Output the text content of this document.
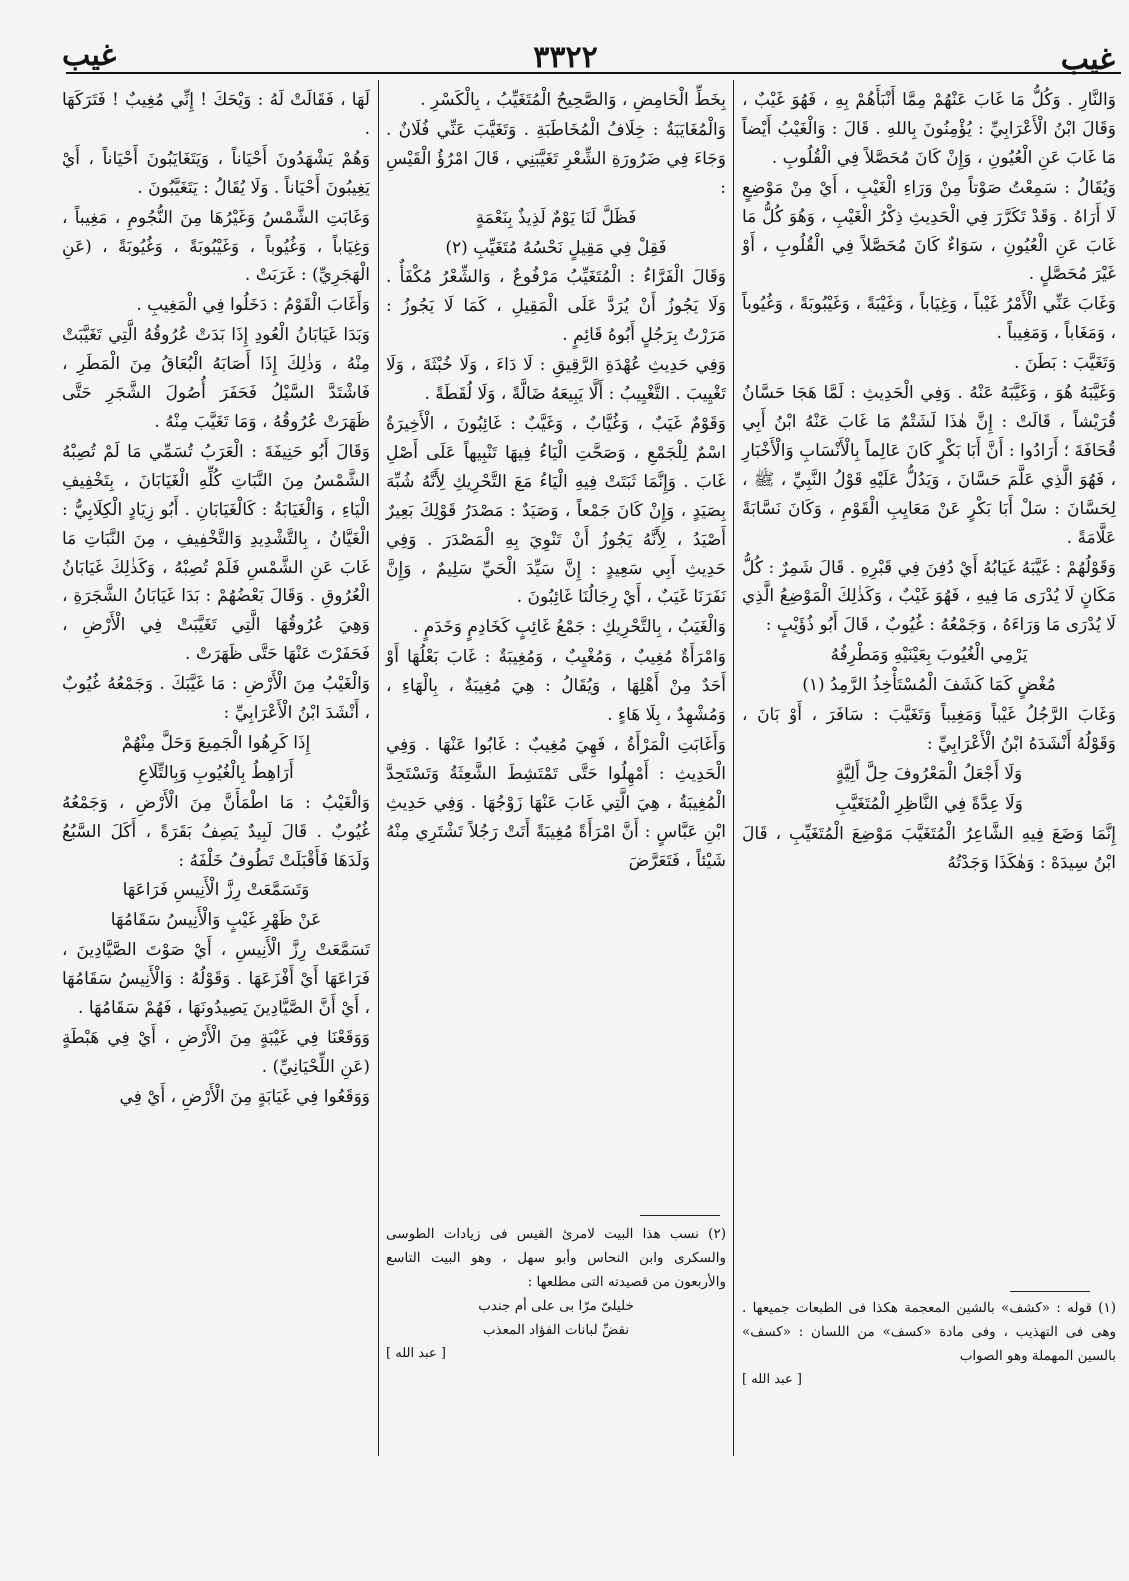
غيب	٣٣٢٢	غيب

وَالنَّارِ . وَكُلُّ مَا غَابَ عَنْهُمْ مِمَّا أَنْبَأَهُمْ بِهِ ، فَهُوَ غَيْبٌ ، وَقَالَ ابْنُ الْأَعْرَابِيِّ : يُؤْمِنُونَ بِاللهِ . قَالَ : وَالْغَيْبُ أَيْضاً مَا غَابَ عَنِ الْعُيُونِ ، وَإِنْ كَانَ مُحَصَّلاً فِي الْقُلُوبِ .

وَيُقَالُ : سَمِعْتُ صَوْتاً مِنْ وَرَاءِ الْغَيْبِ ، أَيْ مِنْ مَوْضِعٍ لَا أَرَاهُ . وَقَدْ تَكَرَّرَ فِي الْحَدِيثِ ذِكْرُ الْغَيْبِ ، وَهُوَ كُلُّ مَا غَابَ عَنِ الْعُيُونِ ، سَوَاءٌ كَانَ مُحَصَّلاً فِي الْقُلُوبِ ، أَوْ غَيْرَ مُحَصَّلٍ .

وَغَابَ عَنِّي الْأَمْرُ غَيْباً ، وَغِيَاباً ، وَغَيْبَةً ، وَغَيْبُوبَةً ، وَغُيُوباً ، وَمَغَاباً ، وَمَغِيباً .

وَتَغَيَّبَ : بَطَنَ .

وَغَيَّبَهُ هُوَ ، وَغَيَّبَهُ عَنْهُ . وَفِي الْحَدِيثِ : لَمَّا هَجَا حَسَّانُ قُرَيْشاً ، قَالَتْ : إِنَّ هٰذَا لَشَتْمٌ مَا غَابَ عَنْهُ ابْنُ أَبِي قُحَافَةَ ؛ أَرَادُوا : أَنَّ أَبَا بَكْرٍ كَانَ عَالِماً بِالْأَنْسَابِ وَالْأَخْبَارِ ، فَهُوَ الَّذِي عَلَّمَ حَسَّانَ ، وَيَدُلُّ عَلَيْهِ قَوْلُ النَّبِيِّ ، ﷺ ، لِحَسَّانَ : سَلْ أَبَا بَكْرٍ عَنْ مَعَايِبِ الْقَوْمِ ، وَكَانَ نَسَّابَةً عَلَّامَةً .

وَقَوْلُهُمْ : غَيَّبَهُ غَيَابُهُ أَيْ دُفِنَ فِي قَبْرِهِ . قَالَ شَمِرٌ : كُلُّ مَكَانٍ لَا يُدْرَى مَا فِيهِ ، فَهُوَ غَيْبٌ ، وَكَذٰلِكَ الْمَوْضِعُ الَّذِي لَا يُدْرَى مَا وَرَاءَهُ ، وَجَمْعُهُ : غُيُوبٌ ، قَالَ أَبُو ذُؤَيْبٍ :

يَرْمِي الْغُيُوبَ بِعَيْنَيْهِ وَمَطْرِفُهُ

مُغْضٍ كَمَا كَشَفَ الْمُسْتَأْخِذُ الرَّمِدُ (١)

وَغَابَ الرَّجُلُ غَيْباً وَمَغِيباً وَتَغَيَّبَ : سَافَرَ ، أَوْ بَانَ ، وَقَوْلُهُ أَنْشَدَهُ ابْنُ الْأَعْرَابِيِّ :

وَلَا أَجْعَلُ الْمَعْرُوفَ حِلَّ أَلِيَّةٍ

وَلَا عِدَّةً فِي النَّاظِرِ الْمُتَغَيَّبِ

إِنَّمَا وَضَعَ فِيهِ الشَّاعِرُ الْمُتَغَيَّبَ مَوْضِعَ الْمُتَغَيِّبِ ، قَالَ ابْنُ سِيدَهْ : وَهٰكَذَا وَجَدْتُهُ

بِخَطِّ الْحَامِضِ ، وَالصَّحِيحُ الْمُتَغَيِّبُ ، بِالْكَسْرِ .

وَالْمُغَايَبَةُ : خِلَافُ الْمُخَاطَبَةِ . وَتَغَيَّبَ عَنِّي فُلَانٌ . وَجَاءَ فِي ضَرُورَةِ الشِّعْرِ تَغَيَّبَنِي ، قَالَ امْرُؤُ الْقَيْسِ :

فَظَلَّ لَنَا يَوْمٌ لَذِيذٌ بِنَعْمَةٍ

فَقِلْ فِي مَقِيلٍ نَحْسُهُ مُتَغَيِّبِ (٢)

وَقَالَ الْفَرَّاءُ : الْمُتَغَيِّبُ مَرْفُوعٌ ، وَالشِّعْرُ مُكْفَأٌ . وَلَا يَجُوزُ أَنْ يُرَدَّ عَلَى الْمَقِيلِ ، كَمَا لَا يَجُوزُ : مَرَرْتُ بِرَجُلٍ أَبُوهُ قَائِمٍ .

وَفِي حَدِيثِ عُهْدَةِ الرَّقِيقِ : لَا دَاءَ ، وَلَا خُبْثَةَ ، وَلَا تَغْيِيبَ . التَّغْيِيبُ : أَلَّا يَبِيعَهُ ضَالَّةً ، وَلَا لُقَطَةً .

وَقَوْمٌ غَيَبٌ ، وَغُيَّابٌ ، وَغَيَّبٌ : غَائِبُونَ ، الْأَخِيرَةُ اسْمٌ لِلْجَمْعِ ، وَصَحَّتِ الْيَاءُ فِيهَا تَنْبِيهاً عَلَى أَصْلِ غَابَ . وَإِنَّمَا ثَبَتَتْ فِيهِ الْيَاءُ مَعَ التَّحْرِيكِ لِأَنَّهُ شُبِّهَ بِصَيَدٍ ، وَإِنْ كَانَ جَمْعاً ، وَصَيَدٌ : مَصْدَرُ قَوْلِكَ بَعِيرٌ أَصْيَدُ ، لِأَنَّهُ يَجُوزُ أَنْ تَنْوِيَ بِهِ الْمَصْدَرَ . وَفِي حَدِيثِ أَبِي سَعِيدٍ : إِنَّ سَيِّدَ الْحَيِّ سَلِيمٌ ، وَإِنَّ نَفَرَنَا غَيَبٌ ، أَيْ رِجَالُنَا غَائِبُونَ .

وَالْغَيَبُ ، بِالتَّحْرِيكِ : جَمْعُ غَائِبٍ كَخَادِمٍ وَخَدَمٍ .

وَامْرَأَةٌ مُغِيبٌ ، وَمُغْيِبٌ ، وَمُغِيبَةٌ : غَابَ بَعْلُهَا أَوْ أَحَدٌ مِنْ أَهْلِهَا ، وَيُقَالُ : هِيَ مُغِيبَةٌ ، بِالْهَاءِ ، وَمُشْهِدٌ ، بِلَا هَاءٍ .

وَأَغَابَتِ الْمَرْأَةُ ، فَهِيَ مُغِيبٌ : غَابُوا عَنْهَا . وَفِي الْحَدِيثِ : أَمْهِلُوا حَتَّى تَمْتَشِطَ الشَّعِثَةُ وَتَسْتَحِدَّ الْمُغِيبَةُ ، هِيَ الَّتِي غَابَ عَنْهَا زَوْجُهَا . وَفِي حَدِيثِ ابْنِ عَبَّاسٍ : أَنَّ امْرَأَةً مُغِيبَةً أَتَتْ رَجُلاً تَشْتَرِي مِنْهُ شَيْئاً ، فَتَعَرَّضَ

لَهَا ، فَقَالَتْ لَهُ : وَيْحَكَ ! إِنِّي مُغِيبٌ ! فَتَرَكَهَا .

وَهُمْ يَشْهَدُونَ أَحْيَاناً ، وَيَتَغَايَبُونَ أَحْيَاناً ، أَيْ يَغِيبُونَ أَحْيَاناً . وَلَا يُقَالُ : يَتَغَيَّبُونَ .

وَغَابَتِ الشَّمْسُ وَغَيْرُهَا مِنَ النُّجُومِ ، مَغِيباً ، وَغِيَاباً ، وَغُيُوباً ، وَغَيْبُوبَةً ، وَغُيُوبَةً ، (عَنِ الْهَجَرِيِّ) : غَرَبَتْ .

وَأَغَابَ الْقَوْمُ : دَخَلُوا فِي الْمَغِيبِ .

وَبَدَا غَيَابَانُ الْعُودِ إِذَا بَدَتْ عُرُوقُهُ الَّتِي تَغَيَّبَتْ مِنْهُ ، وَذٰلِكَ إِذَا أَصَابَهُ الْبُعَاقُ مِنَ الْمَطَرِ ، فَاشْتَدَّ السَّيْلُ فَحَفَرَ أُصُولَ الشَّجَرِ حَتَّى ظَهَرَتْ عُرُوقُهُ ، وَمَا تَغَيَّبَ مِنْهُ .

وَقَالَ أَبُو حَنِيفَةَ : الْعَرَبُ تُسَمِّي مَا لَمْ تُصِبْهُ الشَّمْسُ مِنَ النَّبَاتِ كُلِّهِ الْغَيَابَانَ ، بِتَخْفِيفِ الْيَاءِ ، وَالْغَيَابَةُ : كَالْغَيَابَانِ . أَبُو زِيَادٍ الْكِلَابِيُّ : الْغَيَّانُ ، بِالتَّشْدِيدِ وَالتَّخْفِيفِ ، مِنَ النَّبَاتِ مَا غَابَ عَنِ الشَّمْسِ فَلَمْ تُصِبْهُ ، وَكَذٰلِكَ غَيَابَانُ الْعُرُوقِ . وَقَالَ بَعْضُهُمْ : بَدَا غَيَابَانُ الشَّجَرَةِ ، وَهِيَ عُرُوقُهَا الَّتِي تَغَيَّبَتْ فِي الْأَرْضِ ، فَحَفَرْتَ عَنْهَا حَتَّى ظَهَرَتْ .

وَالْغَيْبُ مِنَ الْأَرْضِ : مَا غَيَّبَكَ . وَجَمْعُهُ غُيُوبٌ ، أَنْشَدَ ابْنُ الْأَعْرَابِيِّ :

إِذَا كَرِهُوا الْجَمِيعَ وَحَلَّ مِنْهُمْ

أَرَاهِطُ بِالْغُيُوبِ وَبِالتِّلَاعِ

وَالْغَيْبُ : مَا اطْمَأَنَّ مِنَ الْأَرْضِ ، وَجَمْعُهُ غُيُوبٌ . قَالَ لَبِيدٌ يَصِفُ بَقَرَةً ، أَكَلَ السَّبُعُ وَلَدَهَا فَأَقْبَلَتْ تَطُوفُ خَلْفَهُ :

وَتَسَمَّعَتْ رِزَّ الْأَنِيسِ فَرَاعَهَا

عَنْ ظَهْرِ غَيْبٍ وَالْأَنِيسُ سَقَامُهَا

تَسَمَّعَتْ رِزَّ الْأَنِيسِ ، أَيْ صَوْتَ الصَّيَّادِينَ ، فَرَاعَهَا أَيْ أَفْزَعَهَا . وَقَوْلُهُ : وَالْأَنِيسُ سَقَامُهَا ، أَيْ أَنَّ الصَّيَّادِينَ يَصِيدُونَهَا ، فَهُمْ سَقَامُهَا .

وَوَقَعْنَا فِي غَيْبَةٍ مِنَ الْأَرْضِ ، أَيْ فِي هَبْطَةٍ (عَنِ اللِّحْيَانِيِّ) .

وَوَقَعُوا فِي غَيَابَةٍ مِنَ الْأَرْضِ ، أَيْ فِي

(١) قوله : «كشف» بالشين المعجمة هكذا فى الطبعات جميعها . وهى فى التهذيب ، وفى مادة «كسف» من اللسان : «كسف» بالسين المهملة وهو الصواب

[ عبد الله ]

(٢) نسب هذا البيت لامرئ القيس فى زيادات الطوسى والسكرى وابن النحاس وأبو سهل ، وهو البيت التاسع والأربعون من قصيدته التى مطلعها :

خليلىّ مرّا بى على أم جندب

نقضِّ لبانات الفؤاد المعذب

[ عبد الله ]
